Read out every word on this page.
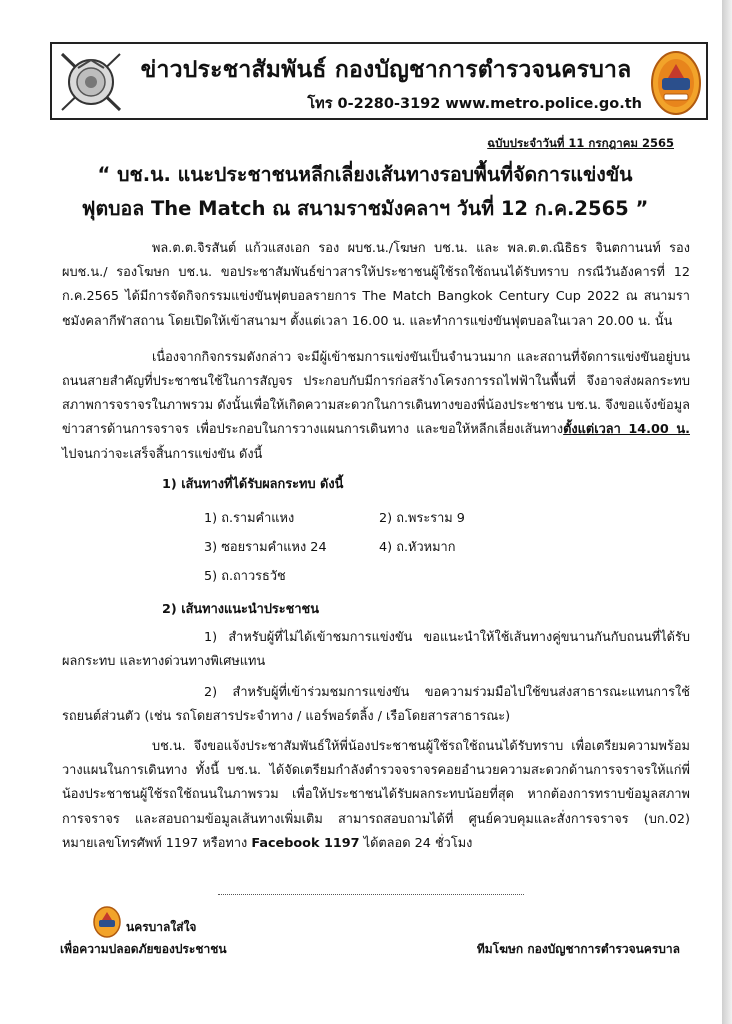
ข่าวประชาสัมพันธ์ กองบัญชาการตำรวจนครบาล
โทร 0-2280-3192 www.metro.police.go.th
ฉบับประจำวันที่ 11 กรกฎาคม 2565
“ บช.น. แนะประชาชนหลีกเลี่ยงเส้นทางรอบพื้นที่จัดการแข่งขัน
ฟุตบอล The Match ณ สนามราชมังคลาฯ วันที่ 12 ก.ค.2565 ”

พล.ต.ต.จิรสันต์ แก้วแสงเอก รอง ผบช.น./โฆษก บช.น. และ พล.ต.ต.ณิธิธร จินตกานนท์ รอง ผบช.น./ รองโฆษก บช.น. ขอประชาสัมพันธ์ข่าวสารให้ประชาชนผู้ใช้รถใช้ถนนได้รับทราบ กรณีวันอังคารที่ 12 ก.ค.2565 ได้มีการจัดกิจกรรมแข่งขันฟุตบอลรายการ The Match Bangkok Century Cup 2022 ณ สนามราชมังคลากีฬาสถาน โดยเปิดให้เข้าสนามฯ ตั้งแต่เวลา 16.00 น. และทำการแข่งขันฟุตบอลในเวลา 20.00 น. นั้น

เนื่องจากกิจกรรมดังกล่าว จะมีผู้เข้าชมการแข่งขันเป็นจำนวนมาก และสถานที่จัดการแข่งขันอยู่บนถนนสายสำคัญที่ประชาชนใช้ในการสัญจร ประกอบกับมีการก่อสร้างโครงการรถไฟฟ้าในพื้นที่ จึงอาจส่งผลกระทบสภาพการจราจรในภาพรวม ดังนั้นเพื่อให้เกิดความสะดวกในการเดินทางของพี่น้องประชาชน บช.น. จึงขอแจ้งข้อมูลข่าวสารด้านการจราจร เพื่อประกอบในการวางแผนการเดินทาง และขอให้หลีกเลี่ยงเส้นทางตั้งแต่เวลา 14.00 น. ไปจนกว่าจะเสร็จสิ้นการแข่งขัน ดังนี้

1) เส้นทางที่ได้รับผลกระทบ ดังนี้

1) ถ.รามคำแหง	2) ถ.พระราม 9
3) ซอยรามคำแหง 24	4) ถ.หัวหมาก
5) ถ.ถาวรธวัช

2) เส้นทางแนะนำประชาชน

1) สำหรับผู้ที่ไม่ได้เข้าชมการแข่งขัน ขอแนะนำให้ใช้เส้นทางคู่ขนานกันกับถนนที่ได้รับผลกระทบ และทางด่วนทางพิเศษแทน

2) สำหรับผู้ที่เข้าร่วมชมการแข่งขัน ขอความร่วมมือไปใช้ขนส่งสาธารณะแทนการใช้รถยนต์ส่วนตัว (เช่น รถโดยสารประจำทาง / แอร์พอร์ตลิ้ง / เรือโดยสารสาธารณะ)

บช.น. จึงขอแจ้งประชาสัมพันธ์ให้พี่น้องประชาชนผู้ใช้รถใช้ถนนได้รับทราบ เพื่อเตรียมความพร้อมวางแผนในการเดินทาง ทั้งนี้ บช.น. ได้จัดเตรียมกำลังตำรวจจราจรคอยอำนวยความสะดวกด้านการจราจรให้แก่พี่น้องประชาชนผู้ใช้รถใช้ถนนในภาพรวม เพื่อให้ประชาชนได้รับผลกระทบน้อยที่สุด หากต้องการทราบข้อมูลสภาพการจราจร และสอบถามข้อมูลเส้นทางเพิ่มเติม สามารถสอบถามได้ที่ ศูนย์ควบคุมและสั่งการจราจร (บก.02) หมายเลขโทรศัพท์ 1197 หรือทาง Facebook 1197 ได้ตลอด 24 ชั่วโมง

นครบาลใส่ใจ
เพื่อความปลอดภัยของประชาชน	ทีมโฆษก กองบัญชาการตำรวจนครบาล
